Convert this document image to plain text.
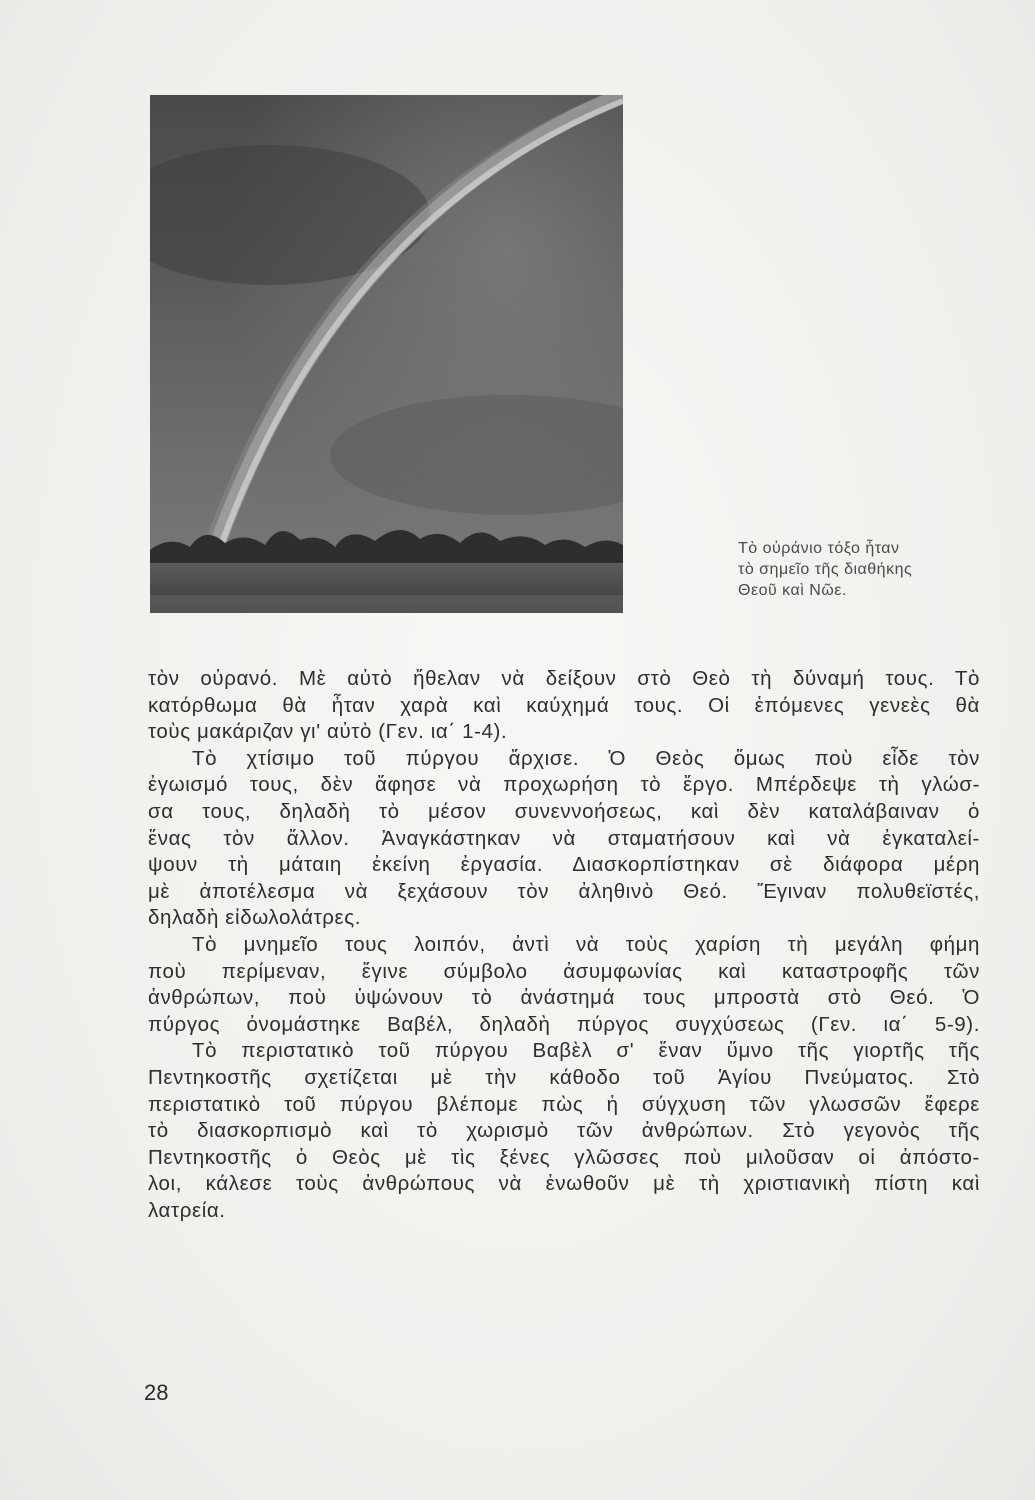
Τὸ οὐράνιο τόξο ἦταν
τὸ σημεῖο τῆς διαθήκης
Θεοῦ καὶ Νῶε.
τὸν οὐρανό. Μὲ αὐτὸ ἤθελαν νὰ δείξουν στὸ Θεὸ τὴ δύναμή τους. Τὸ
κατόρθωμα θὰ ἦταν χαρὰ καὶ καύχημά τους. Οἱ ἑπόμενες γενεὲς θὰ
τοὺς μακάριζαν γι' αὐτὸ (Γεν. ια΄ 1-4).
Τὸ χτίσιμο τοῦ πύργου ἄρχισε. Ὁ Θεὸς ὅμως ποὺ εἶδε τὸν
ἐγωισμό τους, δὲν ἄφησε νὰ προχωρήση τὸ ἔργο. Μπέρδεψε τὴ γλώσ-
σα τους, δηλαδὴ τὸ μέσον συνεννοήσεως, καὶ δὲν καταλάβαιναν ὁ
ἕνας τὸν ἄλλον. Ἀναγκάστηκαν νὰ σταματήσουν καὶ νὰ ἐγκαταλεί-
ψουν τὴ μάταιη ἐκείνη ἐργασία. Διασκορπίστηκαν σὲ διάφορα μέρη
μὲ ἀποτέλεσμα νὰ ξεχάσουν τὸν ἀληθινὸ Θεό. Ἔγιναν πολυθεϊστές,
δηλαδὴ εἰδωλολάτρες.
Τὸ μνημεῖο τους λοιπόν, ἀντὶ νὰ τοὺς χαρίση τὴ μεγάλη φήμη
ποὺ περίμεναν, ἔγινε σύμβολο ἀσυμφωνίας καὶ καταστροφῆς τῶν
ἀνθρώπων, ποὺ ὑψώνουν τὸ ἀνάστημά τους μπροστὰ στὸ Θεό. Ὁ
πύργος ὀνομάστηκε Βαβέλ, δηλαδὴ πύργος συγχύσεως (Γεν. ια΄ 5-9).
Τὸ περιστατικὸ τοῦ πύργου Βαβὲλ σ' ἕναν ὕμνο τῆς γιορτῆς τῆς
Πεντηκοστῆς σχετίζεται μὲ τὴν κάθοδο τοῦ Ἁγίου Πνεύματος. Στὸ
περιστατικὸ τοῦ πύργου βλέπομε πὼς ἡ σύγχυση τῶν γλωσσῶν ἔφερε
τὸ διασκορπισμὸ καὶ τὸ χωρισμὸ τῶν ἀνθρώπων. Στὸ γεγονὸς τῆς
Πεντηκοστῆς ὁ Θεὸς μὲ τὶς ξένες γλῶσσες ποὺ μιλοῦσαν οἱ ἀπόστο-
λοι, κάλεσε τοὺς ἀνθρώπους νὰ ἑνωθοῦν μὲ τὴ χριστιανικὴ πίστη καὶ
λατρεία.
28
